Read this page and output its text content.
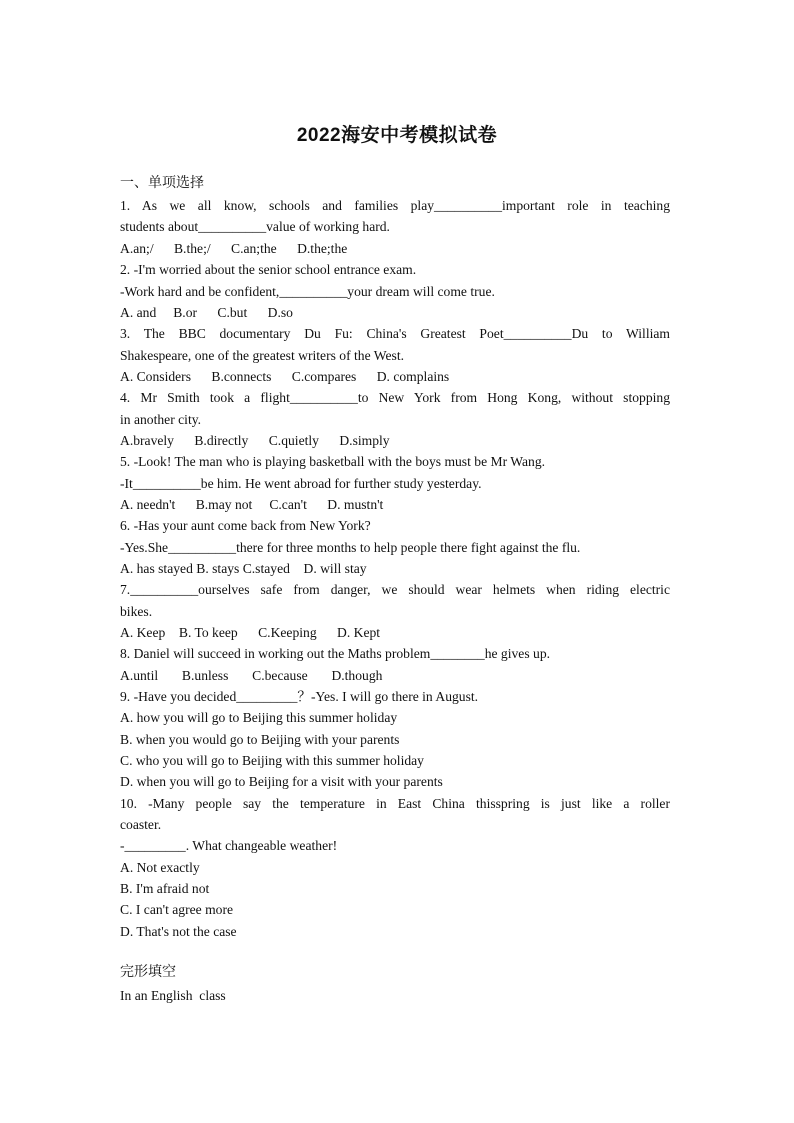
2022海安中考模拟试卷
一、单项选择
1. As we all know, schools and families play__________important role in teaching
students about__________value of working hard.
A.an;/      B.the;/      C.an;the      D.the;the
2. -I'm worried about the senior school entrance exam.
-Work hard and be confident,__________your dream will come true.
A. and     B.or      C.but      D.so
3. The BBC documentary Du Fu: China's Greatest Poet__________Du to William
Shakespeare, one of the greatest writers of the West.
A. Considers      B.connects      C.compares      D. complains
4. Mr Smith took a flight__________to New York from Hong Kong, without stopping
in another city.
A.bravely      B.directly      C.quietly      D.simply
5. -Look! The man who is playing basketball with the boys must be Mr Wang.
-It__________be him. He went abroad for further study yesterday.
A. needn't      B.may not     C.can't      D. mustn't
6. -Has your aunt come back from New York?
-Yes.She__________there for three months to help people there fight against the flu.
A. has stayed B. stays C.stayed    D. will stay
7.__________ourselves safe from danger, we should wear helmets when riding electric
bikes.
A. Keep    B. To keep      C.Keeping      D. Kept
8. Daniel will succeed in working out the Maths problem________he gives up.
A.until       B.unless       C.because       D.though
9. -Have you decided_________？-Yes. I will go there in August.
A. how you will go to Beijing this summer holiday
B. when you would go to Beijing with your parents
C. who you will go to Beijing with this summer holiday
D. when you will go to Beijing for a visit with your parents
10. -Many people say the temperature in East China thisspring is just like a roller
coaster.
-_________. What changeable weather!
A. Not exactly
B. I'm afraid not
C. I can't agree more
D. That's not the case
完形填空
In an English  class
